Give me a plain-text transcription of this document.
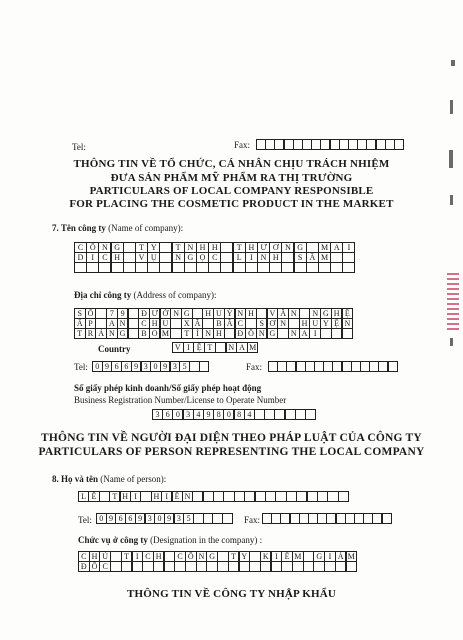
Tel:	Fax:
THÔNG TIN VỀ TỔ CHỨC, CÁ NHÂN CHỊU TRÁCH NHIỆM
ĐƯA SẢN PHẨM MỸ PHẨM RA THỊ TRƯỜNG
PARTICULARS OF LOCAL COMPANY RESPONSIBLE
FOR PLACING THE COSMETIC PRODUCT IN THE MARKET
7. Tên công ty (Name of company):
C Ô N G	T Y	T N H H	T H Ư Ơ N G	M A I
D I	C H	V Ụ	N G Ọ C	L	I N H	S Â M
Địa chỉ công ty (Address of company):
S Ố	7 9	Đ Ư Ờ N G	H U Ỳ N H	V Ă N	N G H Ệ
Ấ P	A N	C H U	X Ã	B Ắ C	S Ơ N	H U Y Ệ N
T R Ả N G	B O M	T Ỉ N H	Đ Ồ N G	N A I
Country	V I Ệ T	N A M
Tel: 0 9 6 6 9 3 0 9 3 5	Fax:
Số giấy phép kinh doanh/Số giấy phép hoạt động
Business Registration Number/License to Operate Number
3 6 0 3 4 9 8 0 8 4
THÔNG TIN VỀ NGƯỜI ĐẠI DIỆN THEO PHÁP LUẬT CỦA CÔNG TY
PARTICULARS OF PERSON REPRESENTING THE LOCAL COMPANY
8. Họ và tên (Name of person):
L Ê	T H I	H I Ề N
Tel: 0 9 6 6 9 3 0 9 3 5	Fax:
Chức vụ ở công ty (Designation in the company) :
C H Ủ	T I C H	C Ô N G	T Y	K I Ế M	G I Á M
Đ Ố C
THÔNG TIN VỀ CÔNG TY NHẬP KHẨU
